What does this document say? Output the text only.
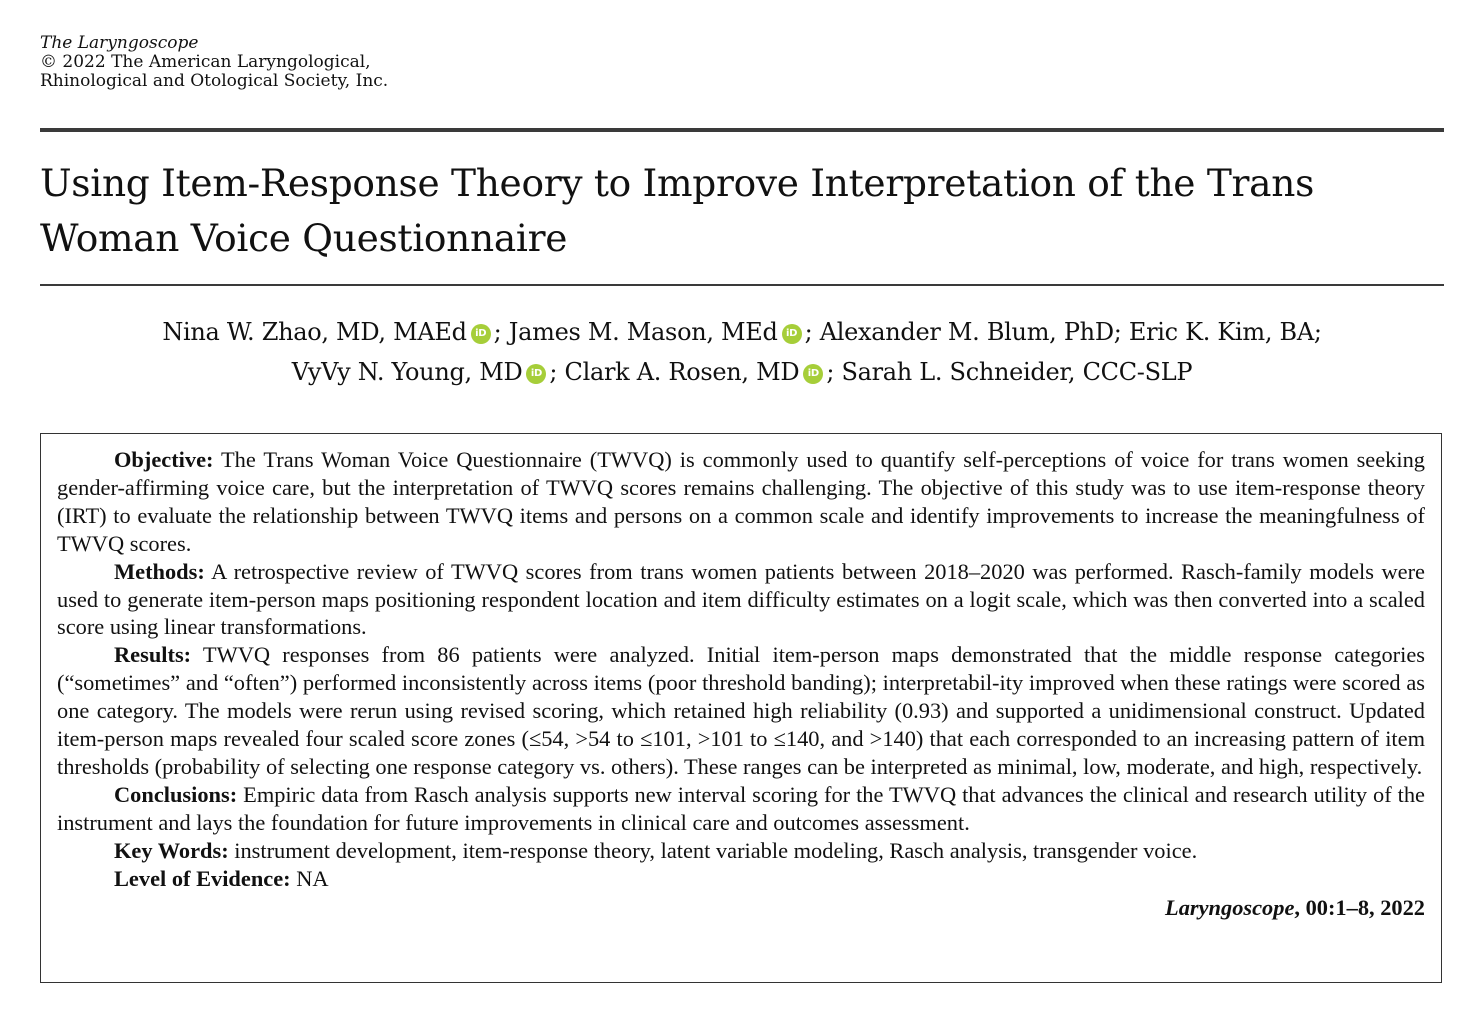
The Laryngoscope
© 2022 The American Laryngological,
Rhinological and Otological Society, Inc.
Using Item-Response Theory to Improve Interpretation of the Trans Woman Voice Questionnaire
Nina W. Zhao, MD, MAEd iD ; James M. Mason, MEd iD ; Alexander M. Blum, PhD; Eric K. Kim, BA;
VyVy N. Young, MD iD ; Clark A. Rosen, MD iD ; Sarah L. Schneider, CCC-SLP

Objective: The Trans Woman Voice Questionnaire (TWVQ) is commonly used to quantify self-perceptions of voice for trans women seeking gender-affirming voice care, but the interpretation of TWVQ scores remains challenging. The objective of this study was to use item-response theory (IRT) to evaluate the relationship between TWVQ items and persons on a common scale and identify improvements to increase the meaningfulness of TWVQ scores.

Methods: A retrospective review of TWVQ scores from trans women patients between 2018–2020 was performed. Rasch-family models were used to generate item-person maps positioning respondent location and item difficulty estimates on a logit scale, which was then converted into a scaled score using linear transformations.

Results: TWVQ responses from 86 patients were analyzed. Initial item-person maps demonstrated that the middle response categories (“sometimes” and “often”) performed inconsistently across items (poor threshold banding); interpretabil-ity improved when these ratings were scored as one category. The models were rerun using revised scoring, which retained high reliability (0.93) and supported a unidimensional construct. Updated item-person maps revealed four scaled score zones (≤54, >54 to ≤101, >101 to ≤140, and >140) that each corresponded to an increasing pattern of item thresholds (probability of selecting one response category vs. others). These ranges can be interpreted as minimal, low, moderate, and high, respectively.

Conclusions: Empiric data from Rasch analysis supports new interval scoring for the TWVQ that advances the clinical and research utility of the instrument and lays the foundation for future improvements in clinical care and outcomes assessment.

Key Words: instrument development, item-response theory, latent variable modeling, Rasch analysis, transgender voice.

Level of Evidence: NA

Laryngoscope, 00:1–8, 2022
